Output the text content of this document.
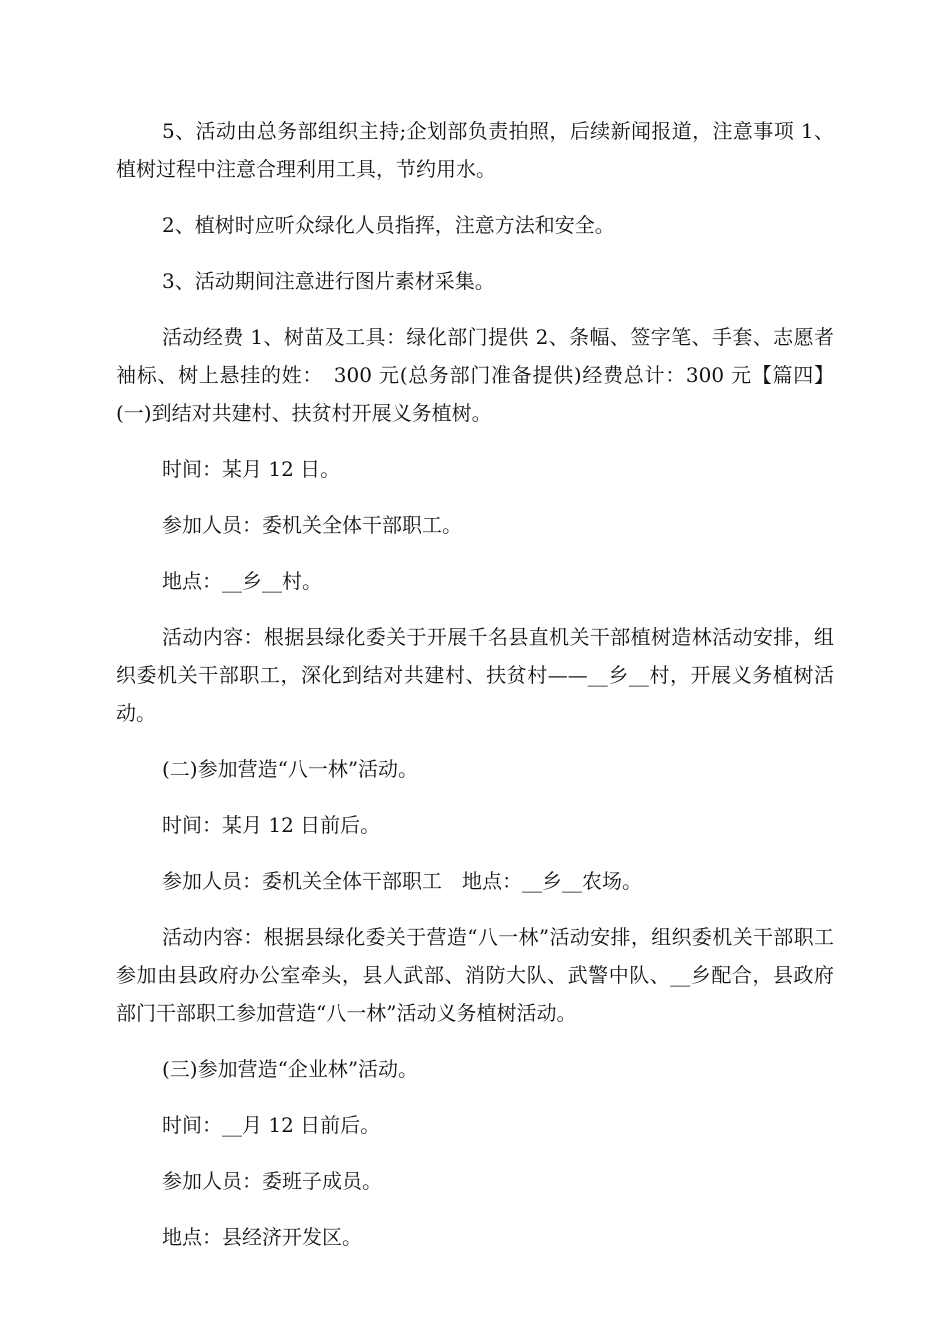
5、活动由总务部组织主持;企划部负责拍照，后续新闻报道，注意事项 1、植树过程中注意合理利用工具，节约用水。

2、植树时应听众绿化人员指挥，注意方法和安全。

3、活动期间注意进行图片素材采集。

活动经费 1、树苗及工具：绿化部门提供 2、条幅、签字笔、手套、志愿者袖标、树上悬挂的姓：　300 元(总务部门准备提供)经费总计：300 元【篇四】(一)到结对共建村、扶贫村开展义务植树。

时间：某月 12 日。

参加人员：委机关全体干部职工。

地点：__乡__村。

活动内容：根据县绿化委关于开展千名县直机关干部植树造林活动安排，组织委机关干部职工，深化到结对共建村、扶贫村——__乡__村，开展义务植树活动。

(二)参加营造“八一林”活动。

时间：某月 12 日前后。

参加人员：委机关全体干部职工　地点：__乡__农场。

活动内容：根据县绿化委关于营造“八一林”活动安排，组织委机关干部职工参加由县政府办公室牵头，县人武部、消防大队、武警中队、__乡配合，县政府部门干部职工参加营造“八一林”活动义务植树活动。

(三)参加营造“企业林”活动。

时间：__月 12 日前后。

参加人员：委班子成员。

地点：县经济开发区。
